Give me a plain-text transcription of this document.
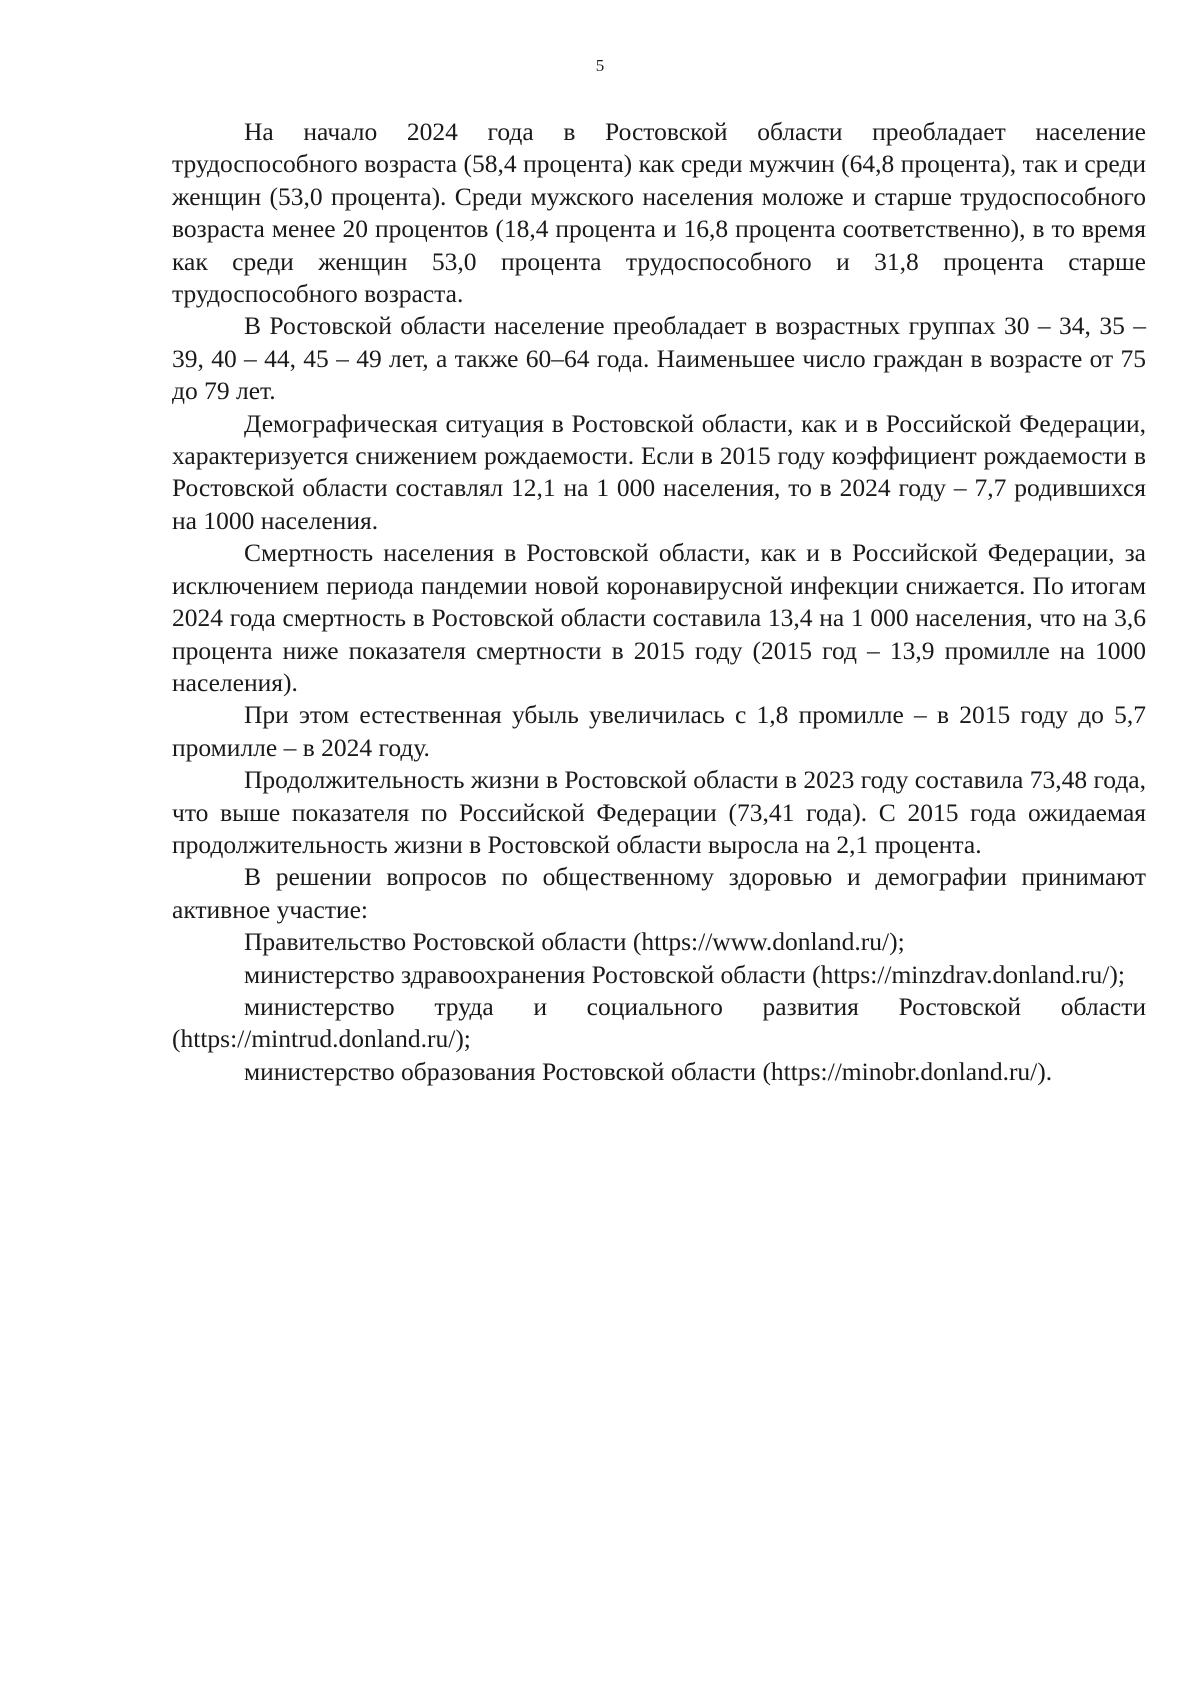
5

На начало 2024 года в Ростовской области преобладает население трудоспособного возраста (58,4 процента) как среди мужчин (64,8 процента), так и среди женщин (53,0 процента). Среди мужского населения моложе и старше трудоспособного возраста менее 20 процентов (18,4 процента и 16,8 процента соответственно), в то время как среди женщин 53,0 процента трудоспособного и 31,8 процента старше трудоспособного возраста.

В Ростовской области население преобладает в возрастных группах 30 – 34, 35 – 39, 40 – 44, 45 – 49 лет, а также 60–64 года. Наименьшее число граждан в возрасте от 75 до 79 лет.

Демографическая ситуация в Ростовской области, как и в Российской Федерации, характеризуется снижением рождаемости. Если в 2015 году коэффициент рождаемости в Ростовской области составлял 12,1 на 1 000 населения, то в 2024 году – 7,7 родившихся на 1000 населения.

Смертность населения в Ростовской области, как и в Российской Федерации, за исключением периода пандемии новой коронавирусной инфекции снижается. По итогам 2024 года смертность в Ростовской области составила 13,4 на 1 000 населения, что на 3,6 процента ниже показателя смертности в 2015 году (2015 год – 13,9 промилле на 1000 населения).

При этом естественная убыль увеличилась с 1,8 промилле – в 2015 году до 5,7 промилле – в 2024 году.

Продолжительность жизни в Ростовской области в 2023 году составила 73,48 года, что выше показателя по Российской Федерации (73,41 года). С 2015 года ожидаемая продолжительность жизни в Ростовской области выросла на 2,1 процента.

В решении вопросов по общественному здоровью и демографии принимают активное участие:

Правительство Ростовской области (https://www.donland.ru/);

министерство здравоохранения Ростовской области (https://minzdrav.donland.ru/);

министерство труда и социального развития Ростовской области (https://mintrud.donland.ru/);

министерство образования Ростовской области (https://minobr.donland.ru/).
